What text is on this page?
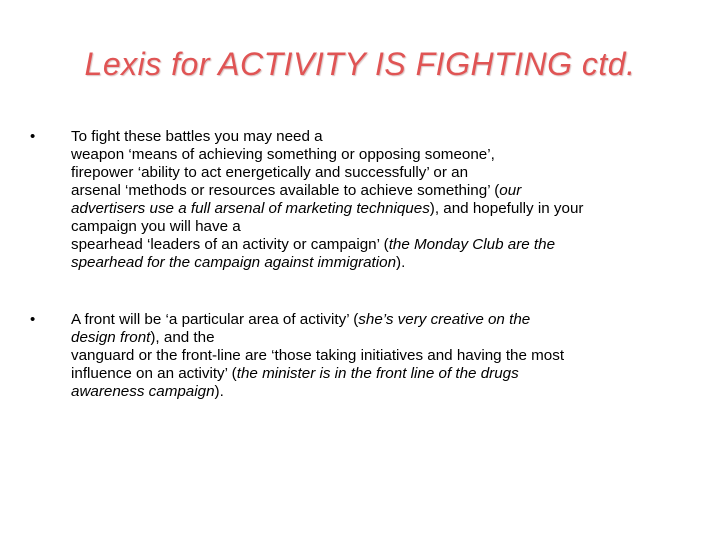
Lexis for ACTIVITY IS FIGHTING ctd.
• To fight these battles you may need a
weapon ‘means of achieving something or opposing someone’,
firepower ‘ability to act energetically and successfully’ or an
arsenal ‘methods or resources available to achieve something’ (our
advertisers use a full arsenal of marketing techniques), and hopefully in your
campaign you will have a
spearhead ‘leaders of an activity or campaign’ (the Monday Club are the
spearhead for the campaign against immigration).
• A front will be ‘a particular area of activity’ (she’s very creative on the
design front), and the
vanguard or the front-line are ‘those taking initiatives and having the most
influence on an activity’ (the minister is in the front line of the drugs
awareness campaign).
